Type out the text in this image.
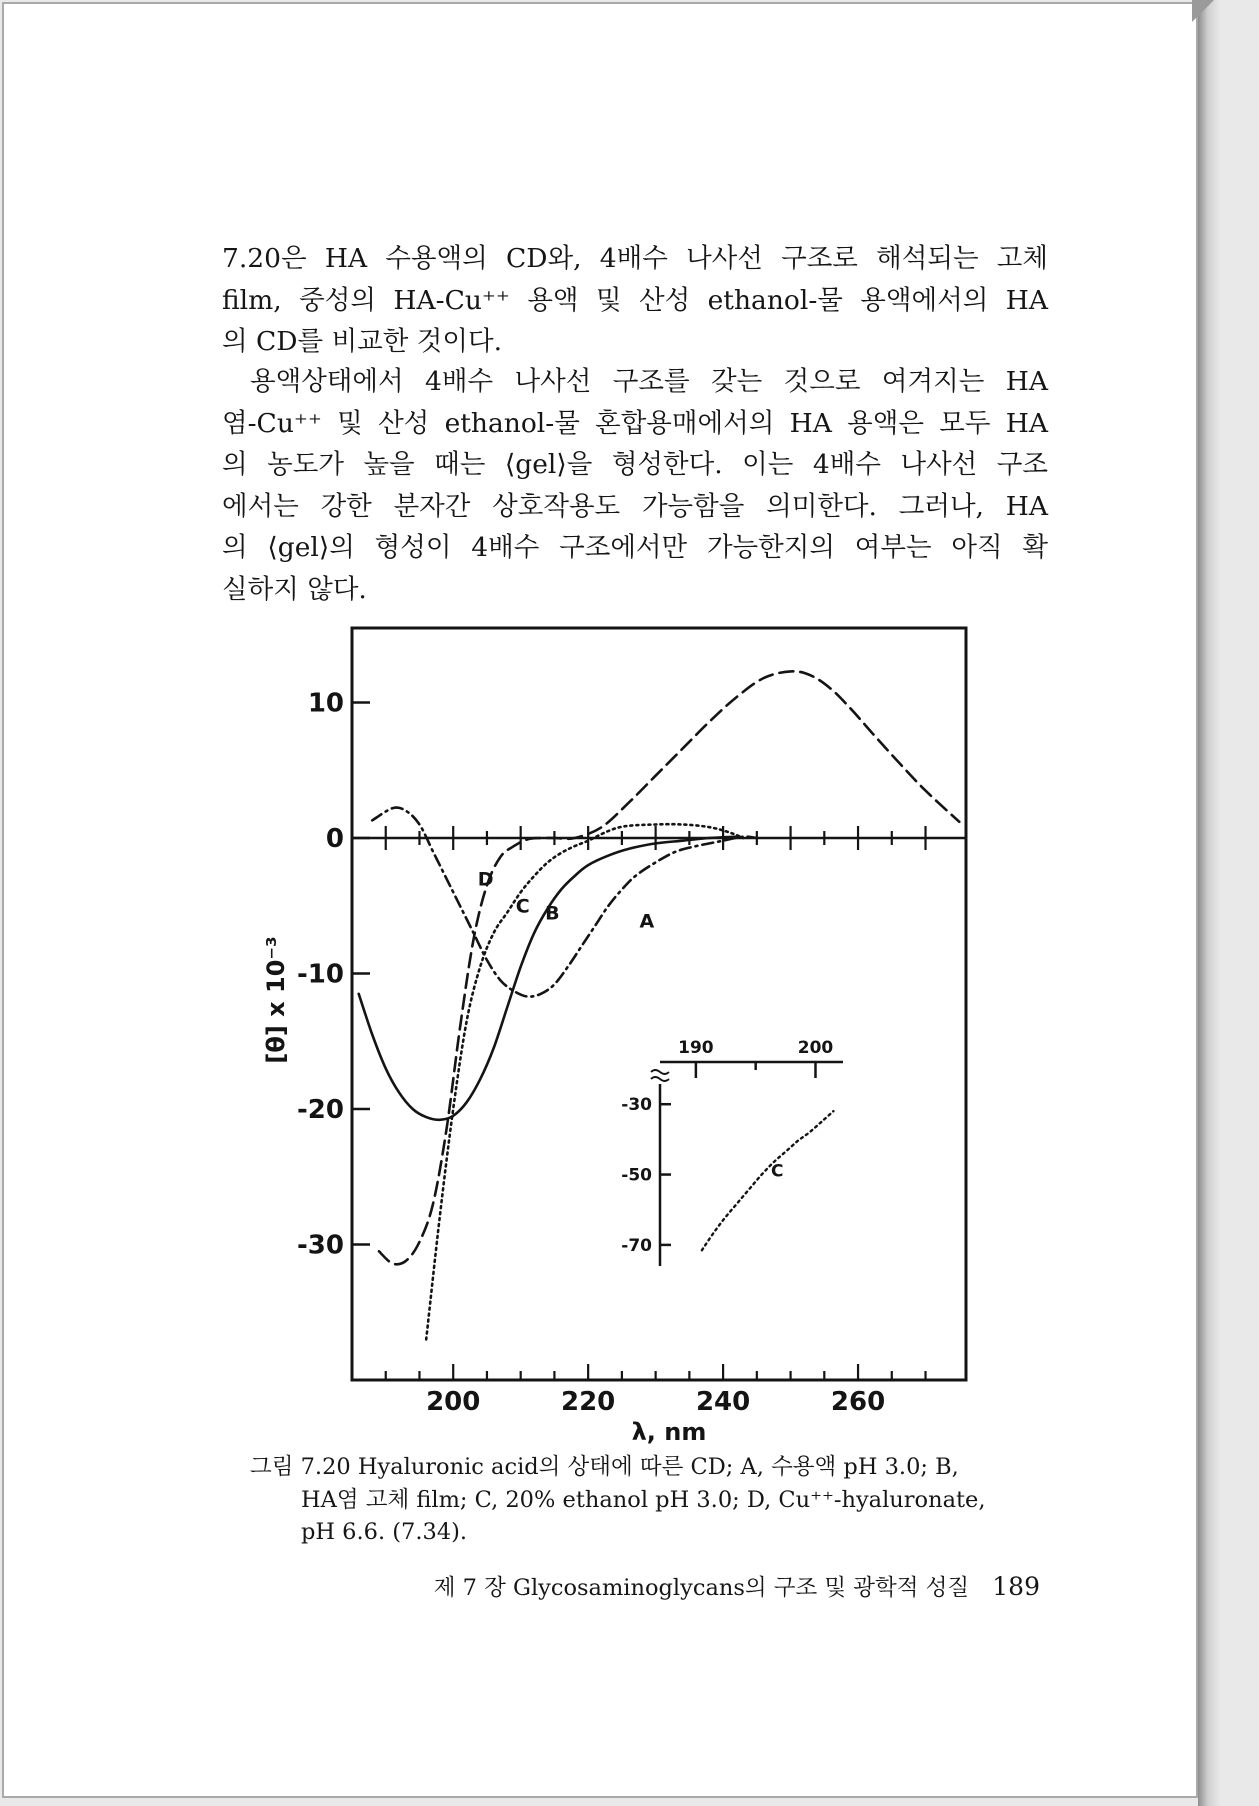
7.20은 HA 수용액의 CD와, 4배수 나사선 구조로 해석되는 고체
film, 중성의 HA-Cu⁺⁺ 용액 및 산성 ethanol-물 용액에서의 HA
의 CD를 비교한 것이다.

용액상태에서 4배수 나사선 구조를 갖는 것으로 여겨지는 HA
염-Cu⁺⁺ 및 산성 ethanol-물 혼합용매에서의 HA 용액은 모두 HA
의 농도가 높을 때는 ⟨gel⟩을 형성한다. 이는 4배수 나사선 구조
에서는 강한 분자간 상호작용도 가능함을 의미한다. 그러나, HA
의 ⟨gel⟩의 형성이 4배수 구조에서만 가능한지의 여부는 아직 확
실하지 않다.

200	220	240	260
10
0
-10
-20
-30
λ, nm
[θ] x 10⁻³
D
C B	A
190	200
-30
-50
-70
C
그림 7.20 Hyaluronic acid의 상태에 따른 CD; A, 수용액 pH 3.0; B,
HA염 고체 film; C, 20% ethanol pH 3.0; D, Cu⁺⁺-hyaluronate,
pH 6.6. (7.34).
제 7 장 Glycosaminoglycans의 구조 및 광학적 성질 189
